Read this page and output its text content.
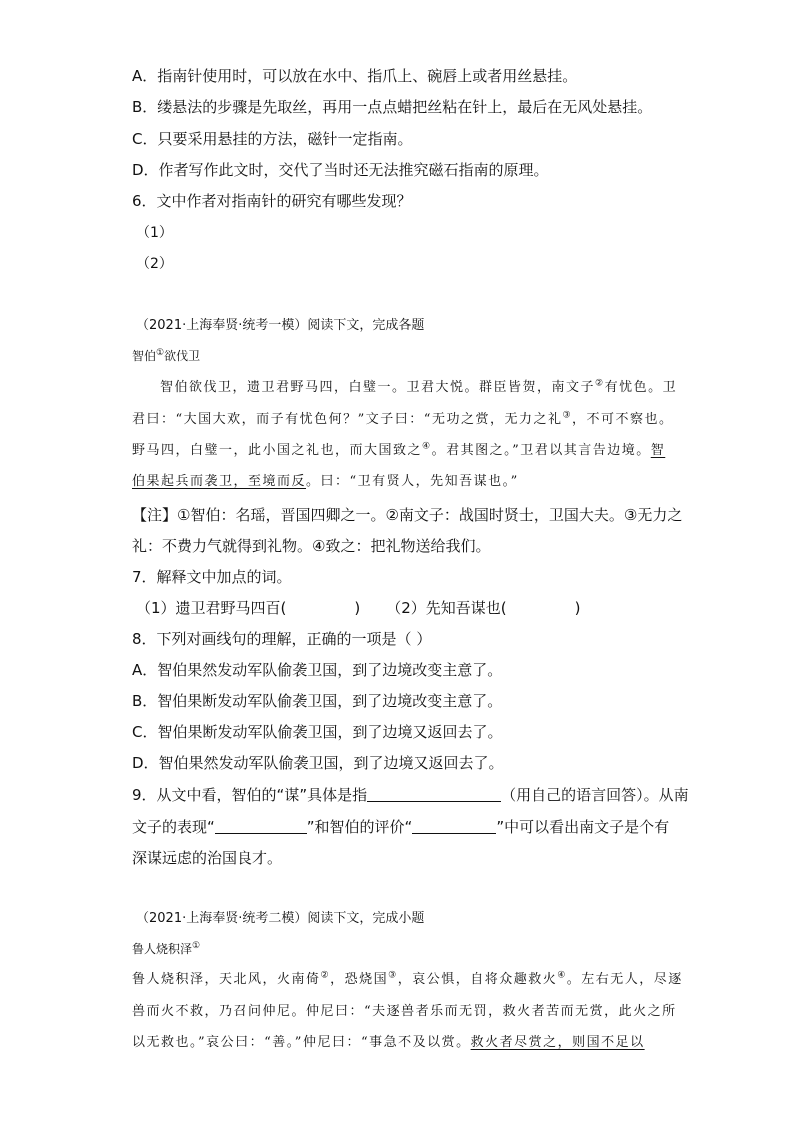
A．指南针使用时，可以放在水中、指爪上、碗唇上或者用丝悬挂。
B．缕悬法的步骤是先取丝，再用一点点蜡把丝粘在针上，最后在无风处悬挂。
C．只要采用悬挂的方法，磁针一定指南。
D．作者写作此文时，交代了当时还无法推究磁石指南的原理。
6．文中作者对指南针的研究有哪些发现？
（1）
（2）
（2021·上海奉贤·统考一模）阅读下文，完成各题
智伯①欲伐卫
智伯欲伐卫，遗卫君野马四，白璧一。卫君大悦。群臣皆贺，南文子②有忧色。卫
君曰：“大国大欢，而子有忧色何？”文子曰：“无功之赏，无力之礼③，不可不察也。
野马四，白璧一，此小国之礼也，而大国致之④。君其图之。”卫君以其言告边境。智
伯果起兵而袭卫，至境而反。曰：“卫有贤人，先知吾谋也。”
【注】①智伯：名瑶，晋国四卿之一。②南文子：战国时贤士，卫国大夫。③无力之
礼：不费力气就得到礼物。④致之：把礼物送给我们。
7．解释文中加点的词。
（1）遗卫君野马四百(	) （2）先知吾谋也(	)
8．下列对画线句的理解，正确的一项是（ ）
A．智伯果然发动军队偷袭卫国，到了边境改变主意了。
B．智伯果断发动军队偷袭卫国，到了边境改变主意了。
C．智伯果断发动军队偷袭卫国，到了边境又返回去了。
D．智伯果然发动军队偷袭卫国，到了边境又返回去了。
9．从文中看，智伯的“谋”具体是指	（用自己的语言回答）。从南
文子的表现“	”和智伯的评价“	”中可以看出南文子是个有
深谋远虑的治国良才。
（2021·上海奉贤·统考二模）阅读下文，完成小题
鲁人烧积泽①
鲁人烧积泽，天北风，火南倚②，恐烧国③，哀公惧，自将众趣救火④。左右无人，尽逐
兽而火不救，乃召问仲尼。仲尼曰：“夫逐兽者乐而无罚，救火者苦而无赏，此火之所
以无救也。”哀公曰：“善。”仲尼曰：“事急不及以赏。救火者尽赏之，则国不足以
